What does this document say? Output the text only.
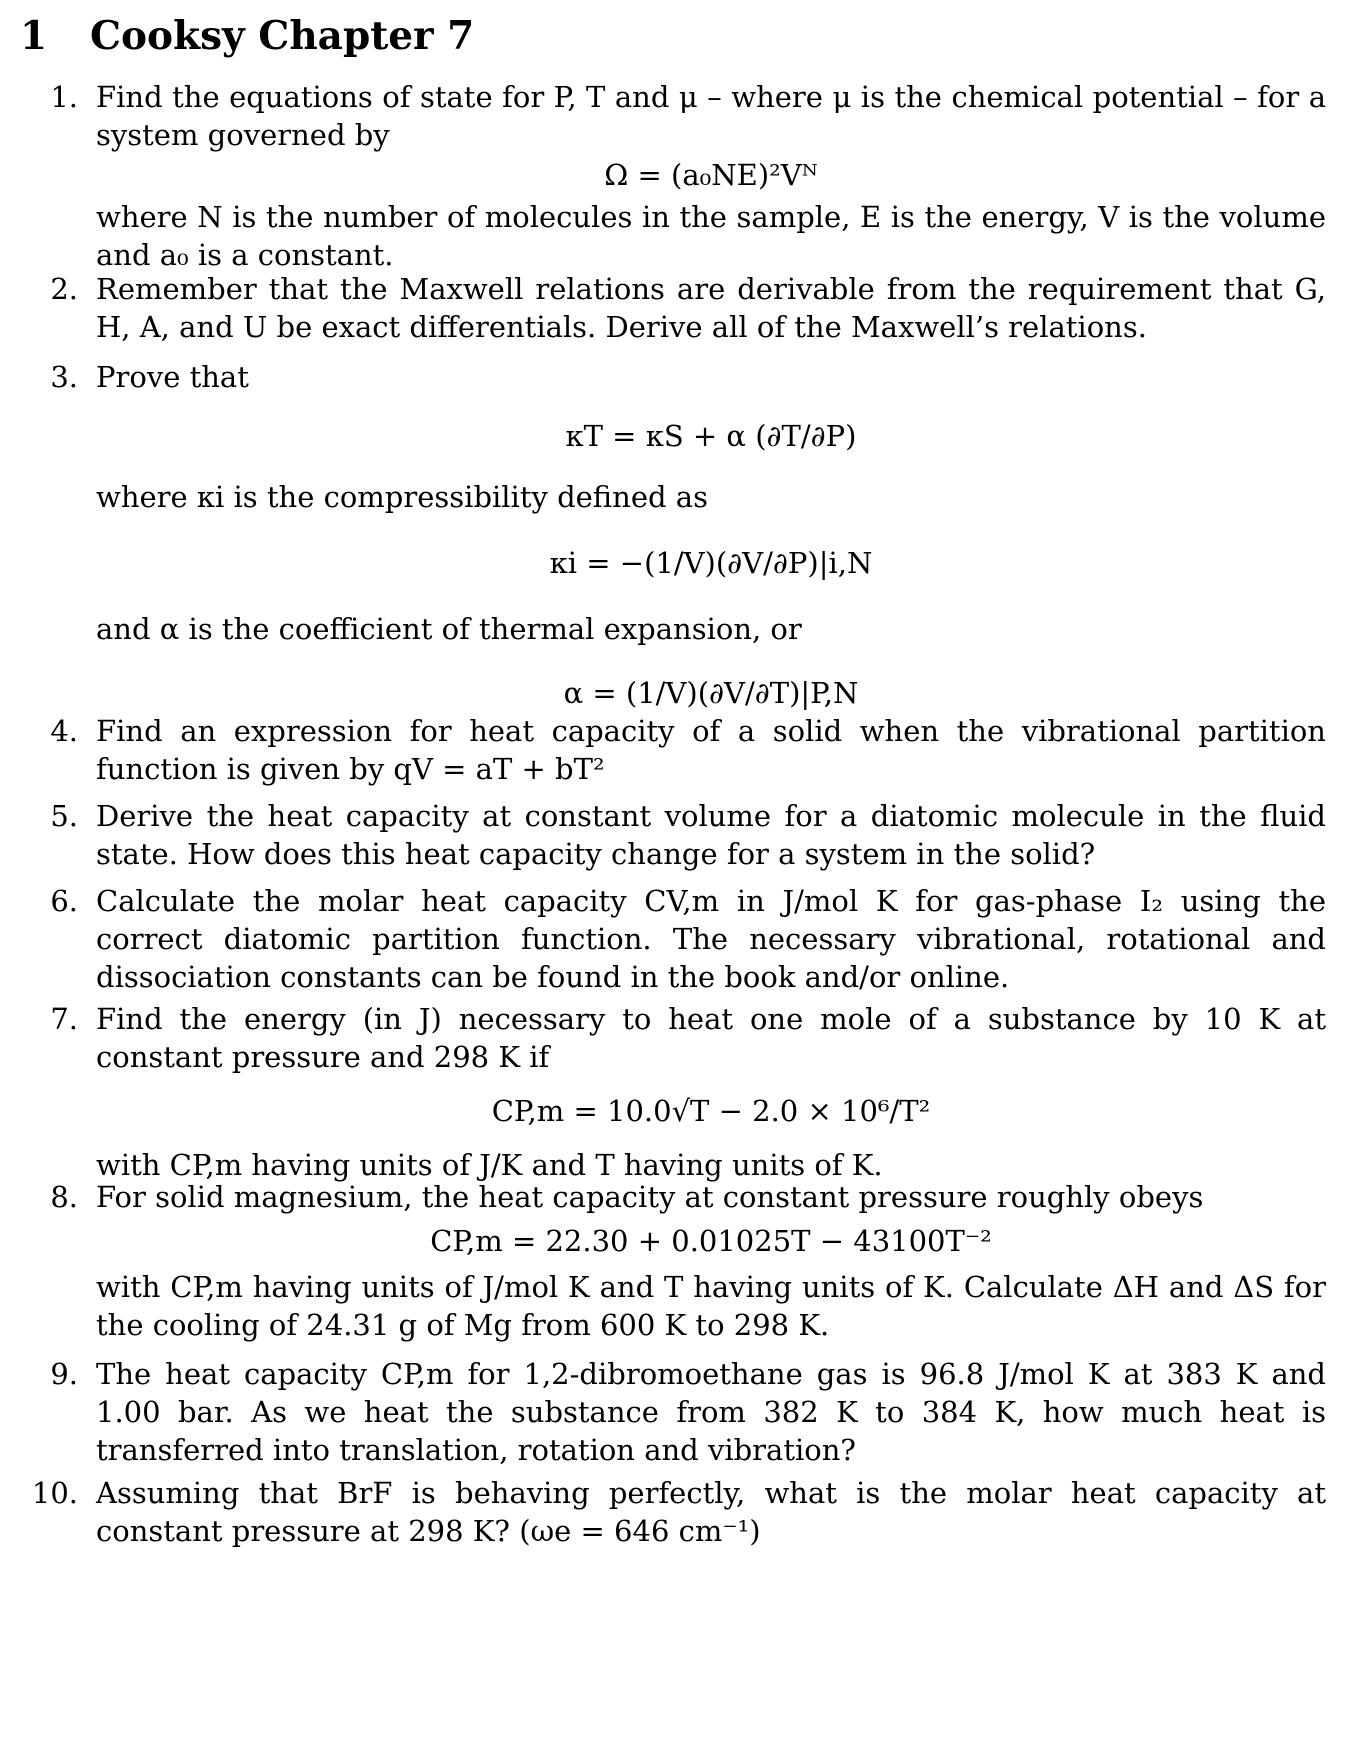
1 Cooksy Chapter 7
1. Find the equations of state for P, T and μ – where μ is the chemical potential – for a system governed by
Ω = (a₀NE)²Vᴺ
where N is the number of molecules in the sample, E is the energy, V is the volume and a₀ is a constant.
2. Remember that the Maxwell relations are derivable from the requirement that G, H, A, and U be exact differentials. Derive all of the Maxwell’s relations.
3. Prove that
κT = κS + α (∂T/∂P)
where κi is the compressibility defined as
κi = −(1/V)(∂V/∂P)|i,N
and α is the coefficient of thermal expansion, or
α = (1/V)(∂V/∂T)|P,N
4. Find an expression for heat capacity of a solid when the vibrational partition function is given by qV = aT + bT²
5. Derive the heat capacity at constant volume for a diatomic molecule in the fluid state. How does this heat capacity change for a system in the solid?
6. Calculate the molar heat capacity CV,m in J/mol K for gas-phase I₂ using the correct diatomic partition function. The necessary vibrational, rotational and dissociation constants can be found in the book and/or online.
7. Find the energy (in J) necessary to heat one mole of a substance by 10 K at constant pressure and 298 K if
CP,m = 10.0√T − 2.0 × 10⁶/T²
with CP,m having units of J/K and T having units of K.
8. For solid magnesium, the heat capacity at constant pressure roughly obeys
CP,m = 22.30 + 0.01025T − 43100T⁻²
with CP,m having units of J/mol K and T having units of K. Calculate ΔH and ΔS for the cooling of 24.31 g of Mg from 600 K to 298 K.
9. The heat capacity CP,m for 1,2-dibromoethane gas is 96.8 J/mol K at 383 K and 1.00 bar. As we heat the substance from 382 K to 384 K, how much heat is transferred into translation, rotation and vibration?
10. Assuming that BrF is behaving perfectly, what is the molar heat capacity at constant pressure at 298 K? (ωe = 646 cm⁻¹)
